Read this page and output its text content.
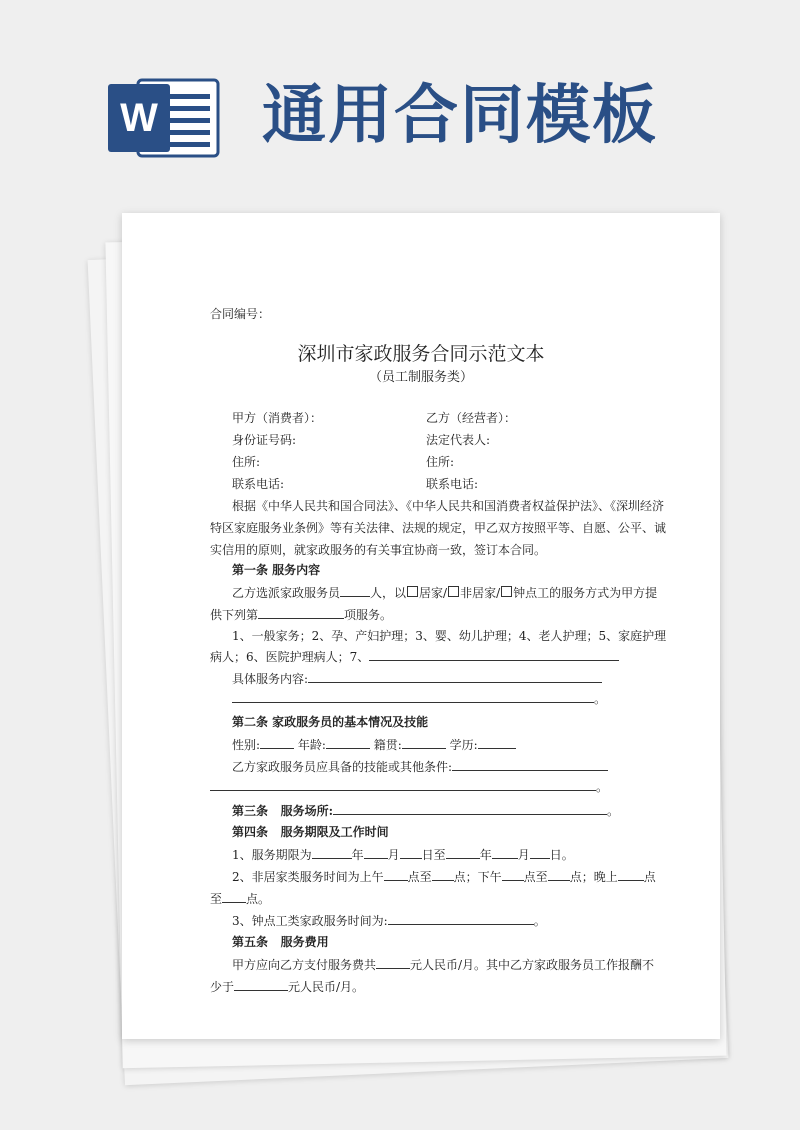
W 通用合同模板
合同编号：
深圳市家政服务合同示范文本
（员工制服务类）
甲方（消费者）：	乙方（经营者）：
身份证号码:	法定代表人:
住所:	住所:
联系电话:	联系电话:
根据《中华人民共和国合同法》、《中华人民共和国消费者权益保护法》、《深圳经济
特区家庭服务业条例》等有关法律、法规的规定，甲乙双方按照平等、自愿、公平、诚
实信用的原则，就家政服务的有关事宜协商一致，签订本合同。
第一条 服务内容
乙方选派家政服务员	人，以 居家/ 非居家/ 钟点工的服务方式为甲方提
供下列第	项服务。
1、一般家务；2、孕、产妇护理；3、婴、幼儿护理；4、老人护理；5、家庭护理
病人；6、医院护理病人；7、
具体服务内容:
。
第二条 家政服务员的基本情况及技能
性别:	年龄:	籍贯:	学历:
乙方家政服务员应具备的技能或其他条件:
。
第三条 服务场所:	。
第四条 服务期限及工作时间
1、服务期限为	年 月 日至	年 月 日。
2、非居家类服务时间为上午 点至 点；下午 点至 点；晚上 点
至 点。
3、钟点工类家政服务时间为:	。
第五条 服务费用
甲方应向乙方支付服务费共	元人民币/月。其中乙方家政服务员工作报酬不
少于	元人民币/月。
